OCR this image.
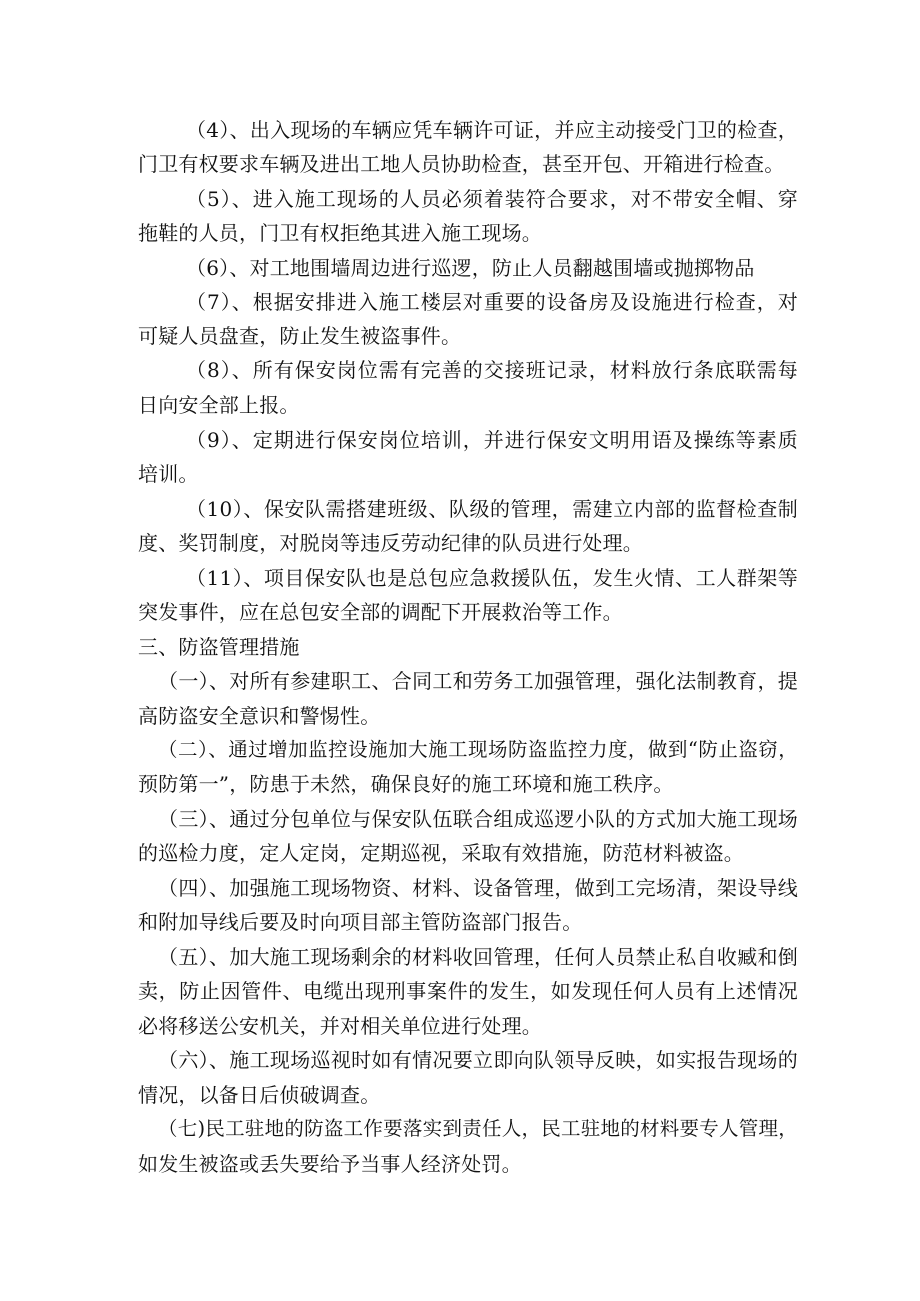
（4）、出入现场的车辆应凭车辆许可证，并应主动接受门卫的检查，
门卫有权要求车辆及进出工地人员协助检查，甚至开包、开箱进行检查。
（5）、进入施工现场的人员必须着装符合要求，对不带安全帽、穿
拖鞋的人员，门卫有权拒绝其进入施工现场。
（6）、对工地围墙周边进行巡逻，防止人员翻越围墙或抛掷物品
（7）、根据安排进入施工楼层对重要的设备房及设施进行检查，对
可疑人员盘查，防止发生被盗事件。
（8）、所有保安岗位需有完善的交接班记录，材料放行条底联需每
日向安全部上报。
（9）、定期进行保安岗位培训，并进行保安文明用语及操练等素质
培训。
（10）、保安队需搭建班级、队级的管理，需建立内部的监督检查制
度、奖罚制度，对脱岗等违反劳动纪律的队员进行处理。
（11）、项目保安队也是总包应急救援队伍，发生火情、工人群架等
突发事件，应在总包安全部的调配下开展救治等工作。
三、防盗管理措施
（一）、对所有参建职工、合同工和劳务工加强管理，强化法制教育，提
高防盗安全意识和警惕性。
（二）、通过增加监控设施加大施工现场防盗监控力度，做到“防止盗窃，
预防第一”，防患于未然，确保良好的施工环境和施工秩序。
（三）、通过分包单位与保安队伍联合组成巡逻小队的方式加大施工现场
的巡检力度，定人定岗，定期巡视，采取有效措施，防范材料被盗。
（四）、加强施工现场物资、材料、设备管理，做到工完场清，架设导线
和附加导线后要及时向项目部主管防盗部门报告。
（五）、加大施工现场剩余的材料收回管理，任何人员禁止私自收臧和倒
卖，防止因管件、电缆出现刑事案件的发生，如发现任何人员有上述情况
必将移送公安机关，并对相关单位进行处理。
（六）、施工现场巡视时如有情况要立即向队领导反映，如实报告现场的
情况，以备日后侦破调查。
（七)民工驻地的防盗工作要落实到责任人，民工驻地的材料要专人管理，
如发生被盗或丢失要给予当事人经济处罚。
